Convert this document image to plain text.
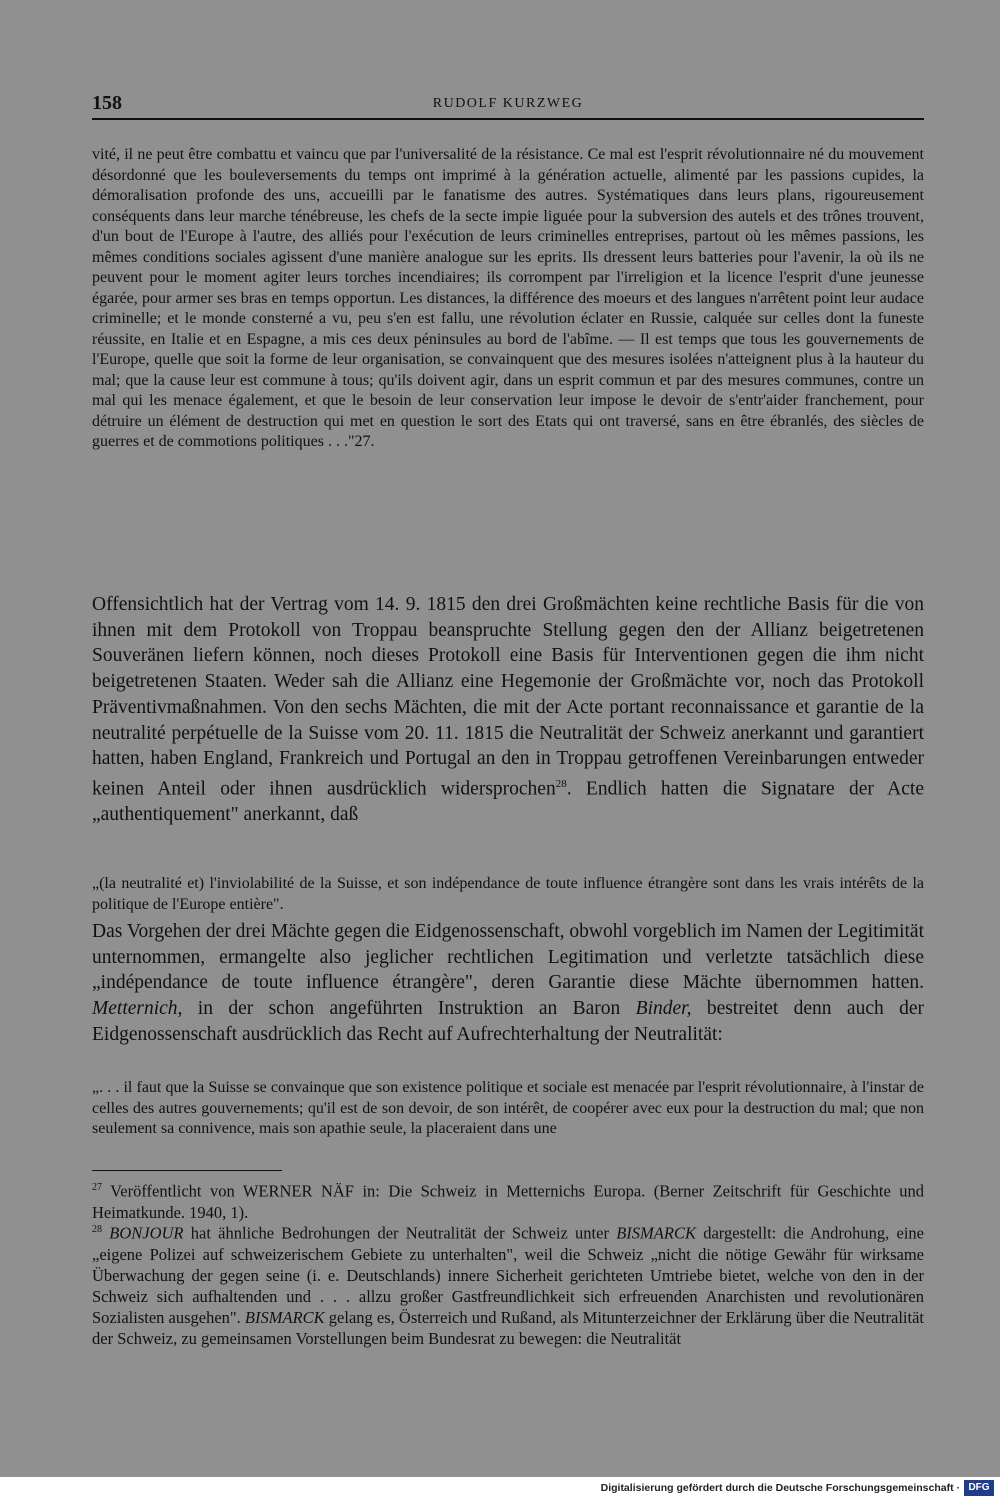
158	RUDOLF KURZWEG

vité, il ne peut être combattu et vaincu que par l'universalité de la résistance. Ce mal est l'esprit révolutionnaire né du mouvement désordonné que les bouleversements du temps ont imprimé à la génération actuelle, alimenté par les passions cupides, la démoralisation profonde des uns, accueilli par le fanatisme des autres. Systématiques dans leurs plans, rigoureusement conséquents dans leur marche ténébreuse, les chefs de la secte impie liguée pour la subversion des autels et des trônes trouvent, d'un bout de l'Europe à l'autre, des alliés pour l'exécution de leurs criminelles entreprises, partout où les mêmes passions, les mêmes conditions sociales agissent d'une manière analogue sur les eprits. Ils dressent leurs batteries pour l'avenir, la où ils ne peuvent pour le moment agiter leurs torches incendiaires; ils corrompent par l'irreligion et la licence l'esprit d'une jeunesse égarée, pour armer ses bras en temps opportun. Les distances, la différence des moeurs et des langues n'arrêtent point leur audace criminelle; et le monde consterné a vu, peu s'en est fallu, une révolution éclater en Russie, calquée sur celles dont la funeste réussite, en Italie et en Espagne, a mis ces deux péninsules au bord de l'abîme. — Il est temps que tous les gouvernements de l'Europe, quelle que soit la forme de leur organisation, se convainquent que des mesures isolées n'atteignent plus à la hauteur du mal; que la cause leur est commune à tous; qu'ils doivent agir, dans un esprit commun et par des mesures communes, contre un mal qui les menace également, et que le besoin de leur conservation leur impose le devoir de s'entr'aider franchement, pour détruire un élément de destruction qui met en question le sort des Etats qui ont traversé, sans en être ébranlés, des siècles de guerres et de commotions politiques . . ."27.

Offensichtlich hat der Vertrag vom 14. 9. 1815 den drei Großmächten keine rechtliche Basis für die von ihnen mit dem Protokoll von Troppau beanspruchte Stellung gegen den der Allianz beigetretenen Souveränen liefern können, noch dieses Protokoll eine Basis für Interventionen gegen die ihm nicht beigetretenen Staaten. Weder sah die Allianz eine Hegemonie der Großmächte vor, noch das Protokoll Präventivmaßnahmen. Von den sechs Mächten, die mit der Acte portant reconnaissance et garantie de la neutralité perpétuelle de la Suisse vom 20. 11. 1815 die Neutralität der Schweiz anerkannt und garantiert hatten, haben England, Frankreich und Portugal an den in Troppau getroffenen Vereinbarungen entweder keinen Anteil oder ihnen ausdrücklich widersprochen$^{28}$. Endlich hatten die Signatare der Acte „authentiquement" anerkannt, daß

„(la neutralité et) l'inviolabilité de la Suisse, et son indépendance de toute influence étrangère sont dans les vrais intérêts de la politique de l'Europe entière".

Das Vorgehen der drei Mächte gegen die Eidgenossenschaft, obwohl vorgeblich im Namen der Legitimität unternommen, ermangelte also jeglicher rechtlichen Legitimation und verletzte tatsächlich diese „indépendance de toute influence étrangère", deren Garantie diese Mächte übernommen hatten. Metternich, in der schon angeführten Instruktion an Baron Binder, bestreitet denn auch der Eidgenossenschaft ausdrücklich das Recht auf Aufrechterhaltung der Neutralität:

„. . . il faut que la Suisse se convainque que son existence politique et sociale est menacée par l'esprit révolutionnaire, à l'instar de celles des autres gouvernements; qu'il est de son devoir, de son intérêt, de coopérer avec eux pour la destruction du mal; que non seulement sa connivence, mais son apathie seule, la placeraient dans une

$^{27}$ Veröffentlicht von WERNER NÄF in: Die Schweiz in Metternichs Europa. (Berner Zeitschrift für Geschichte und Heimatkunde. 1940, 1).

$^{28}$ BONJOUR hat ähnliche Bedrohungen der Neutralität der Schweiz unter BISMARCK dargestellt: die Androhung, eine „eigene Polizei auf schweizerischem Gebiete zu unterhalten", weil die Schweiz „nicht die nötige Gewähr für wirksame Überwachung der gegen seine (i. e. Deutschlands) innere Sicherheit gerichteten Umtriebe bietet, welche von den in der Schweiz sich aufhaltenden und . . . allzu großer Gastfreundlichkeit sich erfreuenden Anarchisten und revolutionären Sozialisten ausgehen". BISMARCK gelang es, Österreich und Rußand, als Mitunterzeichner der Erklärung über die Neutralität der Schweiz, zu gemeinsamen Vorstellungen beim Bundesrat zu bewegen: die Neutralität

Digitalisierung gefördert durch die Deutsche Forschungsgemeinschaft · DFG
